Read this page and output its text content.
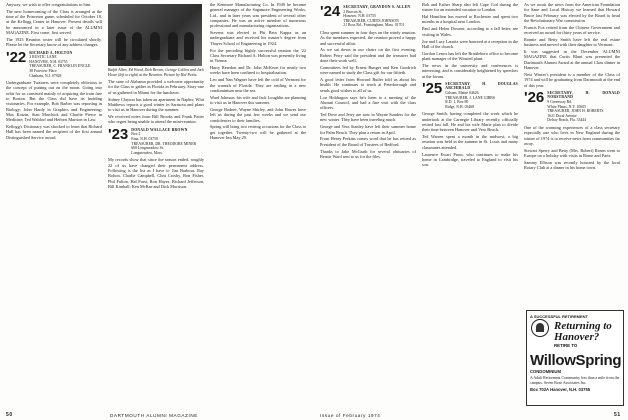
Anyway, we wish to offer congratulations to him.

The next homecoming of the Class is arranged at the time of the Princeton game, scheduled for October 18, at the Kellogg Center in Hanover. Present details will be announced in a later issue of the ALUMNI MAGAZINE. First come, first served.

The 1923 Reunion roster will be circulated shortly. Please let the Secretary know of any address changes.

'22 RICHARD A. HOLTON
3 RUSTIC LANE
HANOVER, N.H. 03755
TREASURER, C. FRANKLIN ENGLE
38 Fairview Place
Chatham, N.J. 07928

Undergraduate Twainers were completely oblivious to the concept of putting out on the moon. Going into orbit for us consisted mainly of acquiring the train fare to Boston. But the Class did have its budding visionaries. For example, Bob Barber was reporting in Biology; John Hardy in Graphics and Engineering; Max Kotzin, Stan Marchick and Charlie Pierce in Medicine; Ted Waldorf and Herbert Marrion in Law.

Kellogg's Dictionary was shocked to learn that Richard Hall has been named the recipient of the first annual Distinguished Service award.

Ralph Allen, Ed Wood, Dick Brown, George Collins and Jack Howe (left to right) at the Reunion. Picture by Hal Pettis.

The state of Alabama provided a welcome opportunity for the Class to gather in Florida in February. Sixty-one of us gathered in Miami for the luncheon.

Sidney Clayton has taken an apartment in Naples; Whit Matthews reports a good winter in Sarasota and plans to visit us in Hanover during the summer.

We received notes from Bill Brooks and Frank Potter who regret being unable to attend the mini-reunion.

'23 DONALD WALLACE BROWN
Box 2
Etna, N.H. 03750
TREASURER, DR. THEODORE MINER
668 Longmeadow St.
Longmeadow, Mass.

My records show that since the season ended, roughly 22 of us have changed their permanent address. Following is the list as I have it: Jim Barbour, Ray Bolton, Charlie Campbell, Clint Crosby, Ron Fisher, Phil Fulton, Hal Furst, Ron Hayes, Richard Jefferson, Bill Kimball, Ken McRae and Dick Morrison.

the Kenmore Manufacturing Co. In 1949 he became general manager of the Sagamore Engineering Works, Lid., and in later years was president of several other companies. He was an active member of numerous professional and manufacturing organizations.

Stevens was elected to Phi Beta Kappa as an undergraduate and received his master's degree from Thayer School of Engineering in 1924.

For the preceding highly successful reunion the '22 Class Secretary Richard A. Holton was presently living in Vienna.

Harry Reardon and Dr. John McKeon for nearly two weeks have been confined to hospitalization.

Leo and Nan Wagner have left the cold of Vermont for the warmth of Florida. They are settling in a new condominium near the sea.

Ward Johnson, his wife and Jack Loughlin are planning to visit us in Hanover this summer.

George Bodner, Wayne Shirley, and John Hawes have left us during the past few weeks and we send our condolences to their families.

Spring will bring two retiring occasions for the Class to get together. Twenty-two will be gathered at the Hanover Inn May 29.

50	DARTMOUTH ALUMNI MAGAZINE
'24 SECRETARY, GRAYDON S. ALLEN
2 Beacon St.
Hanover, N.H. 03755
TREASURER, CURTIS JOHNSON
21 Ross Rd., Framingham, Mass. 01701

Class spent summer in four days on the windy reunion. As the members expected, the reunion proved a happy and successful affair.

As we sat down in our chairs on the first evening, Robert Perry said the president and the treasurer had done their work well.

Committees led by Ernest Bunger and Ken Goodrich were named to study the Class gift for our fiftieth.

A good letter from Howard Butler told us about his health. He continues to teach at Peterborough and sends good wishes to all of us.

Lou Holdragon says he's been to a meeting of the Alumni Council, and had a fine visit with the class officers.

Ted Dove and Jerry are now in Wayne Sunders for the new winter. They have been traveling much.

George and Vera Stanley have left their summer home for Palm Beach. They plan a return in April.

From Henry Perkins comes word that he has retired as President of the Board of Trustees of Bedford.

Thanks to Jake McGrath for several obituaries of Bernie Ward sent to us for the files.

Bob and Esther Sharp also left Cape Cod during the winter for an extended vacation to London.

Hal Hamilton has moved to Rochester and spent two months in a hospital near London.

Paul and Helen Downer, according to a fall letter, are visiting in Wales.

Joe and Lucy Lauritz were honored at a reception in the Hall of the church.

Gordon Lenox has left the Brattleboro office to become plant manager of the Winsted plant.

The news in the university and conferences is interesting, and is considerably heightened by speeches at the forum.

'25 SECRETARY, H. DOUGLAS ARCHIBALD
Gilsum, Maine 04626
TREASURER, J. LANE GIBBS
R.D. 1, Box 80
Ridge, N.H. 03468

George Smith, having completed the work which he undertook at the Carnegie Library recently, officially retired last fall. He and his wife Marie plan to divide their time between Hanover and Vero Beach.

Ted Warren spent a month in the midwest; a big reunion was held in the autumn in St. Louis and many classmates attended.

Laurence Ewart Prout, who continues to make his home in Cambridge, traveled to England to visit his son.

As we await the news from the American Foundation for Sane and Local History we learned that Howard Bruce last February was elected by the Board to head the Revolutionary War commission.

Francis Fox retired from the Chinese Government and received an award for thirty years of service.

Ronnie and Betty Smith have left the real estate business and moved with their daughter to Vermont.

It was suggested in the December ALUMNI MAGAZINE that Curtis Blunt was presented the Dartmouth Alumni Award at the annual Class dinner in Hanover.

Next Winter's president is a member of the Class of 1974 and will be graduating from Dartmouth at the end of this year.

'26 SECRETARY, H. DONALD NORSTRAND
9 Greenway Rd.
White Plains, N.Y. 10605
TREASURER, JOHN H. ROBERTS
1621 Doral Avenue
Delray Beach, Fla. 33444

One of the warming experiences of a class secretary especially one who lives in New England during the winter of 1974 is to receive news from communities far away.

Stewart Sperry and Betty (Mrs. Robert) Rosen went to Europe on a holiday with visits in Rome and Paris.

Sammy Ellison was recently honored by the local Rotary Club at a dinner in his home town.

A SUCCESSFUL RETIREMENT
Returning to Hanover?
RETIRE TO
WillowSpring
CONDOMINIUM
A Adult Retirement Community less than a mile from the campus. Seven Rose Associates Inc.
Box 702A Hanover, N.H. 03755
Issue of February 1974	51
